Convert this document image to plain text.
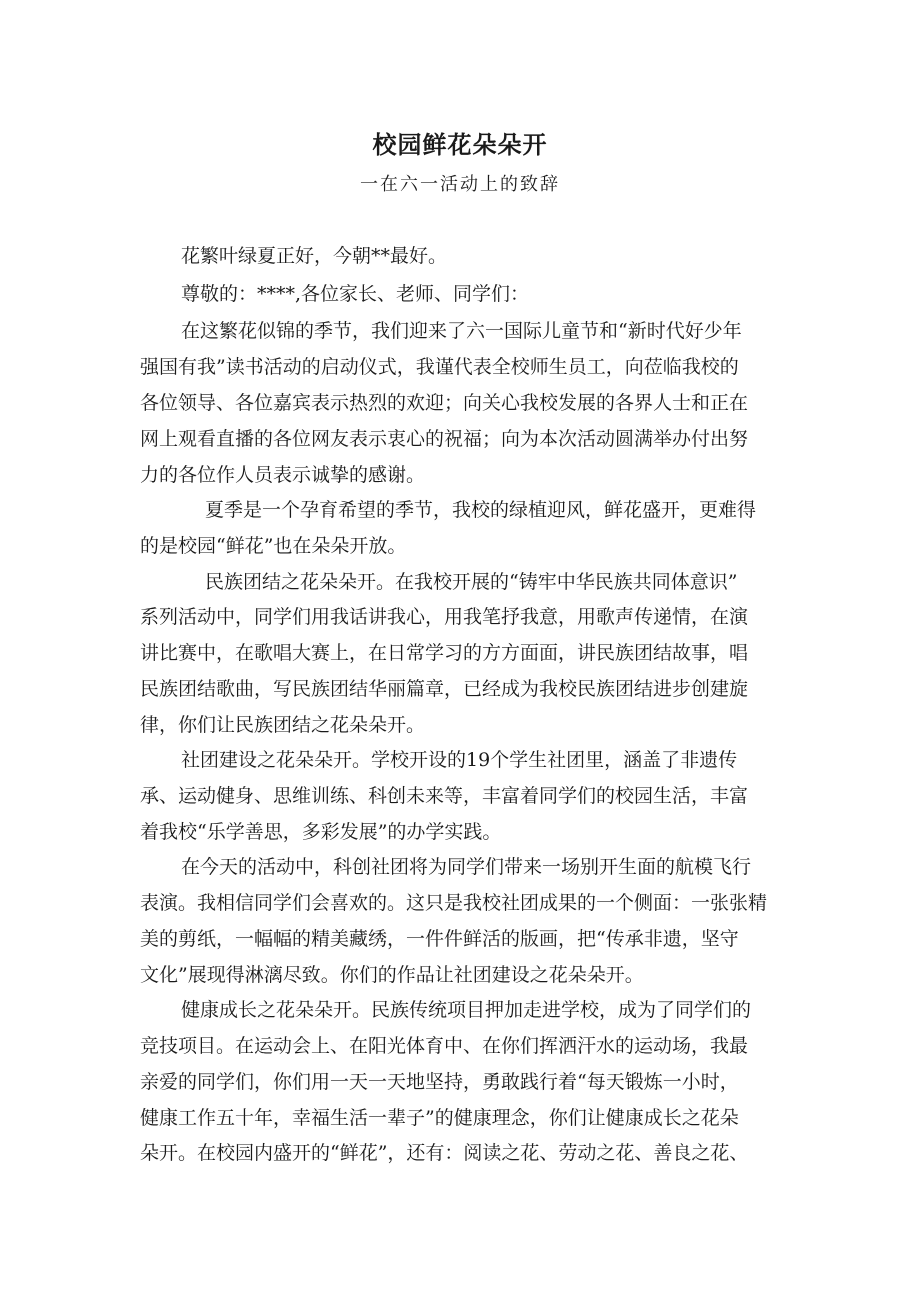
校园鲜花朵朵开

一在六一活动上的致辞

花繁叶绿夏正好，今朝**最好。

尊敬的：****,各位家长、老师、同学们：

在这繁花似锦的季节，我们迎来了六一国际儿童节和“新时代好少年

强国有我”读书活动的启动仪式，我谨代表全校师生员工，向莅临我校的

各位领导、各位嘉宾表示热烈的欢迎；向关心我校发展的各界人士和正在

网上观看直播的各位网友表示衷心的祝福；向为本次活动圆满举办付出努

力的各位作人员表示诚挚的感谢。

夏季是一个孕育希望的季节，我校的绿植迎风，鲜花盛开，更难得

的是校园“鲜花”也在朵朵开放。

民族团结之花朵朵开。在我校开展的“铸牢中华民族共同体意识”

系列活动中，同学们用我话讲我心，用我笔抒我意，用歌声传递情，在演

讲比赛中，在歌唱大赛上，在日常学习的方方面面，讲民族团结故事，唱

民族团结歌曲，写民族团结华丽篇章，已经成为我校民族团结进步创建旋

律，你们让民族团结之花朵朵开。

社团建设之花朵朵开。学校开设的19个学生社团里，涵盖了非遗传

承、运动健身、思维训练、科创未来等，丰富着同学们的校园生活，丰富

着我校“乐学善思，多彩发展”的办学实践。

在今天的活动中，科创社团将为同学们带来一场别开生面的航模飞行

表演。我相信同学们会喜欢的。这只是我校社团成果的一个侧面：一张张精

美的剪纸，一幅幅的精美藏绣，一件件鲜活的版画，把“传承非遗，坚守

文化”展现得淋漓尽致。你们的作品让社团建设之花朵朵开。

健康成长之花朵朵开。民族传统项目押加走进学校，成为了同学们的

竞技项目。在运动会上、在阳光体育中、在你们挥洒汗水的运动场，我最

亲爱的同学们，你们用一天一天地坚持，勇敢践行着“每天锻炼一小时，

健康工作五十年，幸福生活一辈子”的健康理念，你们让健康成长之花朵

朵开。在校园内盛开的“鲜花”，还有：阅读之花、劳动之花、善良之花、
